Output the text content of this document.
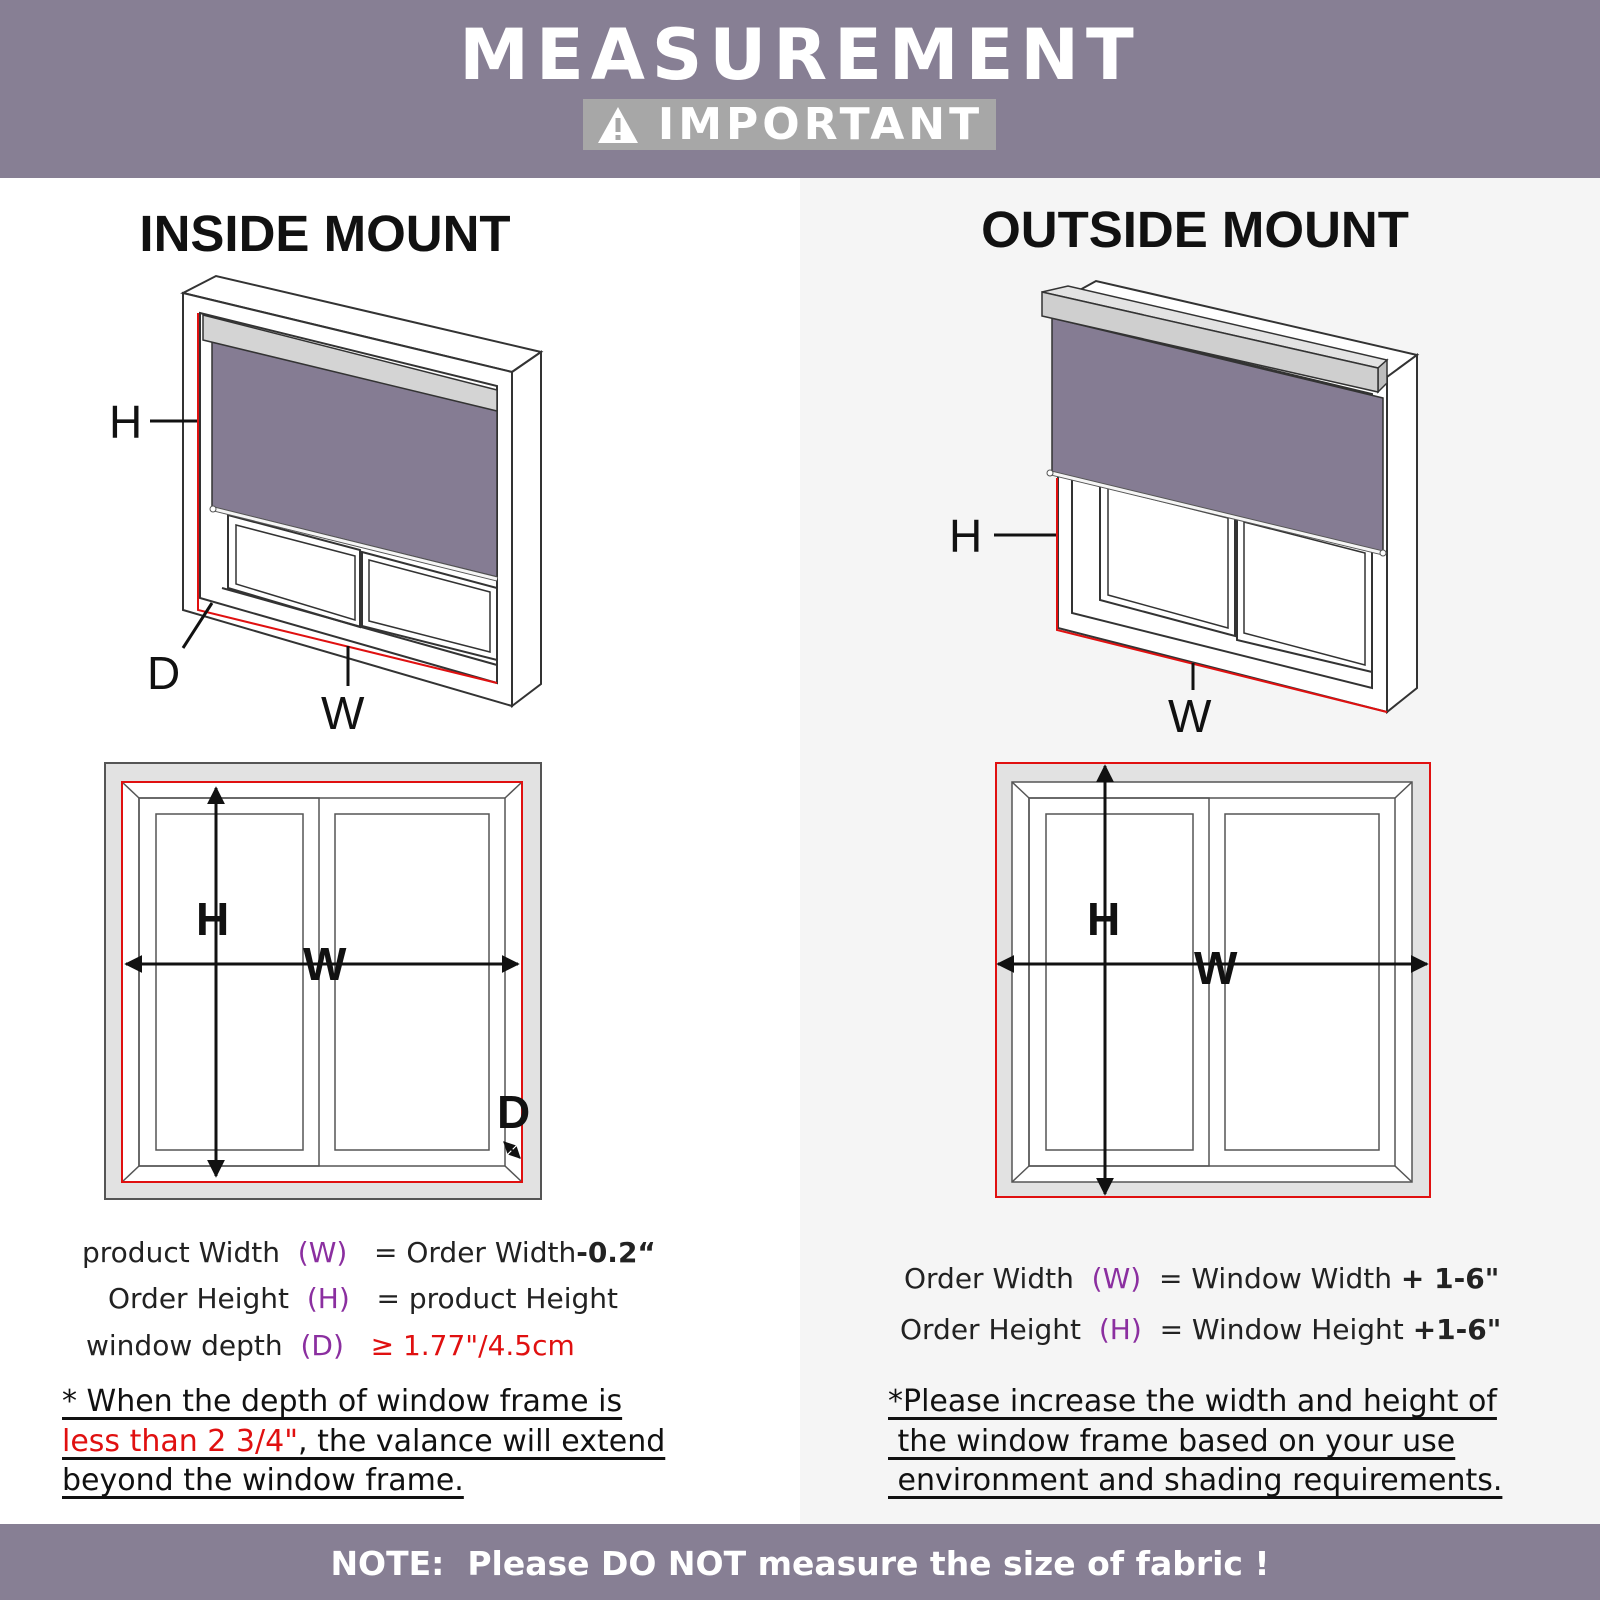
MEASUREMENT
IMPORTANT
INSIDE MOUNT	OUTSIDE MOUNT
H
W
D
H
W
H
W
D
H
W
product Width (W) = Order Width-0.2“
Order Height (H) = product Height
window depth (D) ≥ 1.77"/4.5cm
* When the depth of window frame is
less than 2 3/4", the valance will extend
beyond the window frame.
Order Width (W) = Window Width + 1-6"
Order Height (H) = Window Height +1-6"
*Please increase the width and height of
the window frame based on your use
environment and shading requirements.
NOTE:  Please DO NOT measure the size of fabric !
